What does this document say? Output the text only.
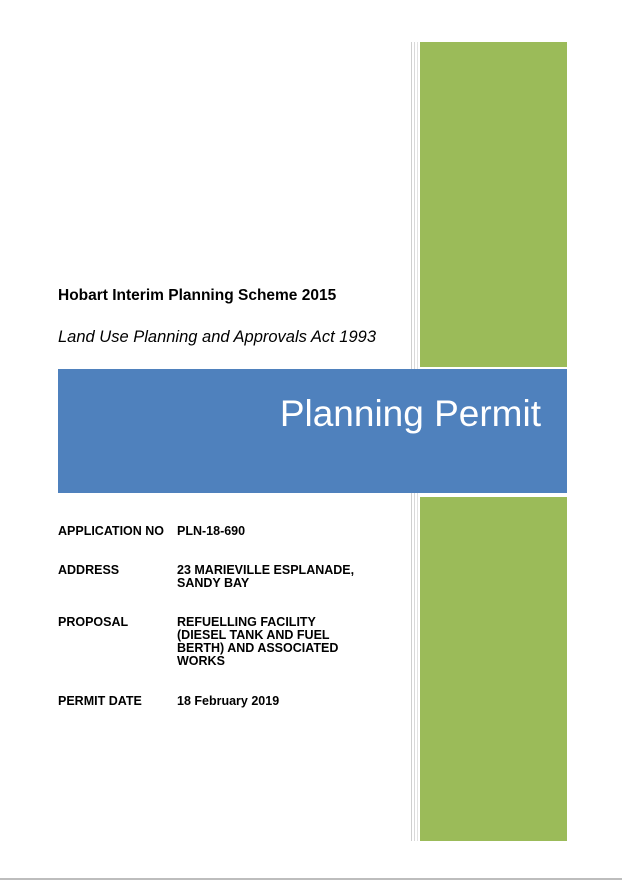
Hobart Interim Planning Scheme 2015
Land Use Planning and Approvals Act 1993
Planning Permit
APPLICATION NO PLN-18-690
ADDRESS	23 MARIEVILLE ESPLANADE,
SANDY BAY
PROPOSAL	REFUELLING FACILITY
(DIESEL TANK AND FUEL
BERTH) AND ASSOCIATED
WORKS
PERMIT DATE	18 February 2019
